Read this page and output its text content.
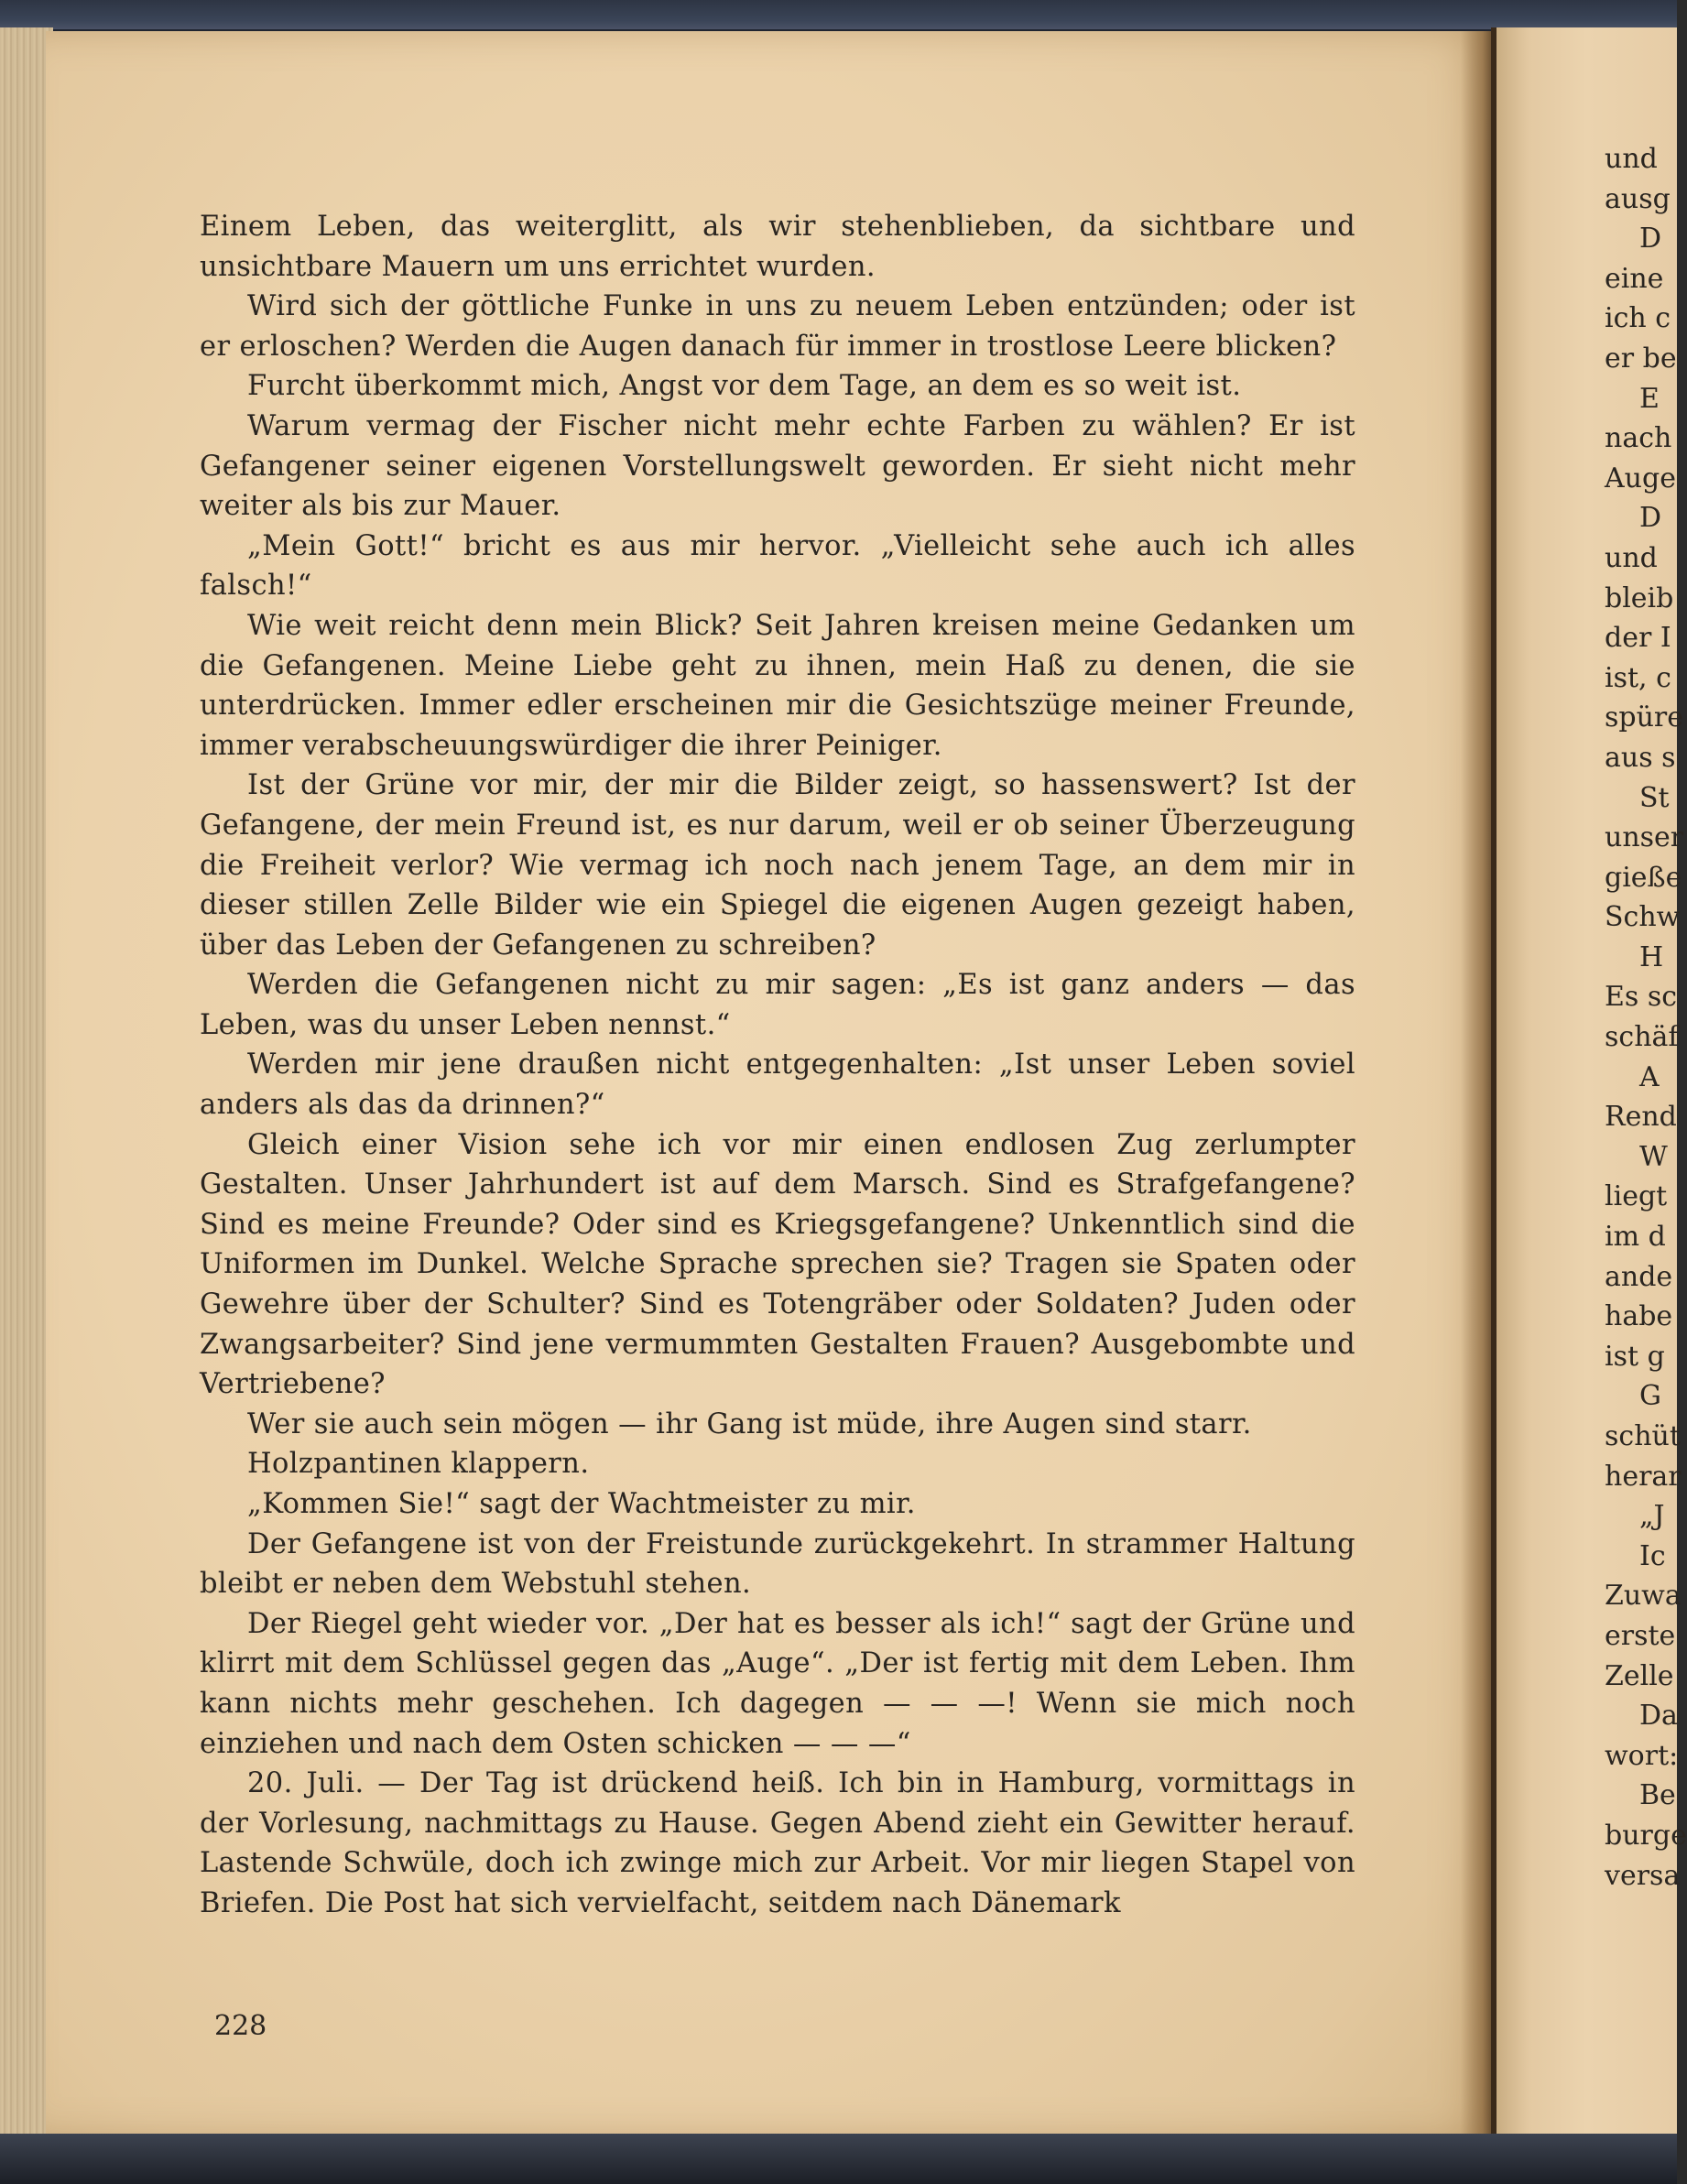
Einem Leben, das weiterglitt, als wir stehenblieben, da sichtbare und unsichtbare Mauern um uns errichtet wurden.

Wird sich der göttliche Funke in uns zu neuem Leben entzünden; oder ist er erloschen? Werden die Augen danach für immer in trostlose Leere blicken?

Furcht überkommt mich, Angst vor dem Tage, an dem es so weit ist.

Warum vermag der Fischer nicht mehr echte Farben zu wählen? Er ist Gefangener seiner eigenen Vorstellungswelt geworden. Er sieht nicht mehr weiter als bis zur Mauer.

„Mein Gott!“ bricht es aus mir hervor. „Vielleicht sehe auch ich alles falsch!“

Wie weit reicht denn mein Blick? Seit Jahren kreisen meine Gedanken um die Gefangenen. Meine Liebe geht zu ihnen, mein Haß zu denen, die sie unterdrücken. Immer edler erscheinen mir die Gesichtszüge meiner Freunde, immer verabscheuungswürdiger die ihrer Peiniger.

Ist der Grüne vor mir, der mir die Bilder zeigt, so hassenswert? Ist der Gefangene, der mein Freund ist, es nur darum, weil er ob seiner Überzeugung die Freiheit verlor? Wie vermag ich noch nach jenem Tage, an dem mir in dieser stillen Zelle Bilder wie ein Spiegel die eigenen Augen gezeigt haben, über das Leben der Gefangenen zu schreiben?

Werden die Gefangenen nicht zu mir sagen: „Es ist ganz anders — das Leben, was du unser Leben nennst.“

Werden mir jene draußen nicht entgegenhalten: „Ist unser Leben soviel anders als das da drinnen?“

Gleich einer Vision sehe ich vor mir einen endlosen Zug zerlumpter Gestalten. Unser Jahrhundert ist auf dem Marsch. Sind es Strafgefangene? Sind es meine Freunde? Oder sind es Kriegsgefangene? Unkenntlich sind die Uniformen im Dunkel. Welche Sprache sprechen sie? Tragen sie Spaten oder Gewehre über der Schulter? Sind es Totengräber oder Soldaten? Juden oder Zwangsarbeiter? Sind jene vermummten Gestalten Frauen? Ausgebombte und Vertriebene?

Wer sie auch sein mögen — ihr Gang ist müde, ihre Augen sind starr.

Holzpantinen klappern.

„Kommen Sie!“ sagt der Wachtmeister zu mir.

Der Gefangene ist von der Freistunde zurückgekehrt. In strammer Haltung bleibt er neben dem Webstuhl stehen.

Der Riegel geht wieder vor. „Der hat es besser als ich!“ sagt der Grüne und klirrt mit dem Schlüssel gegen das „Auge“. „Der ist fertig mit dem Leben. Ihm kann nichts mehr geschehen. Ich dagegen — — —! Wenn sie mich noch einziehen und nach dem Osten schicken — — —“

20. Juli. — Der Tag ist drückend heiß. Ich bin in Hamburg, vormittags in der Vorlesung, nachmittags zu Hause. Gegen Abend zieht ein Gewitter herauf. Lastende Schwüle, doch ich zwinge mich zur Arbeit. Vor mir liegen Stapel von Briefen. Die Post hat sich vervielfacht, seitdem nach Dänemark

228
und
ausg
D
eine
ich c
er be
E
nach
Auge
D
und
bleib
der I
ist, c
spüre
aus s
St
unser
gieße
Schw
H
Es sc
schäf
A
Rend
W
liegt
im d
ande
habe
ist g
G
schüt
herar
„J
Ic
Zuwa
erste
Zelle
Da
wort:
Be
burge
versa
